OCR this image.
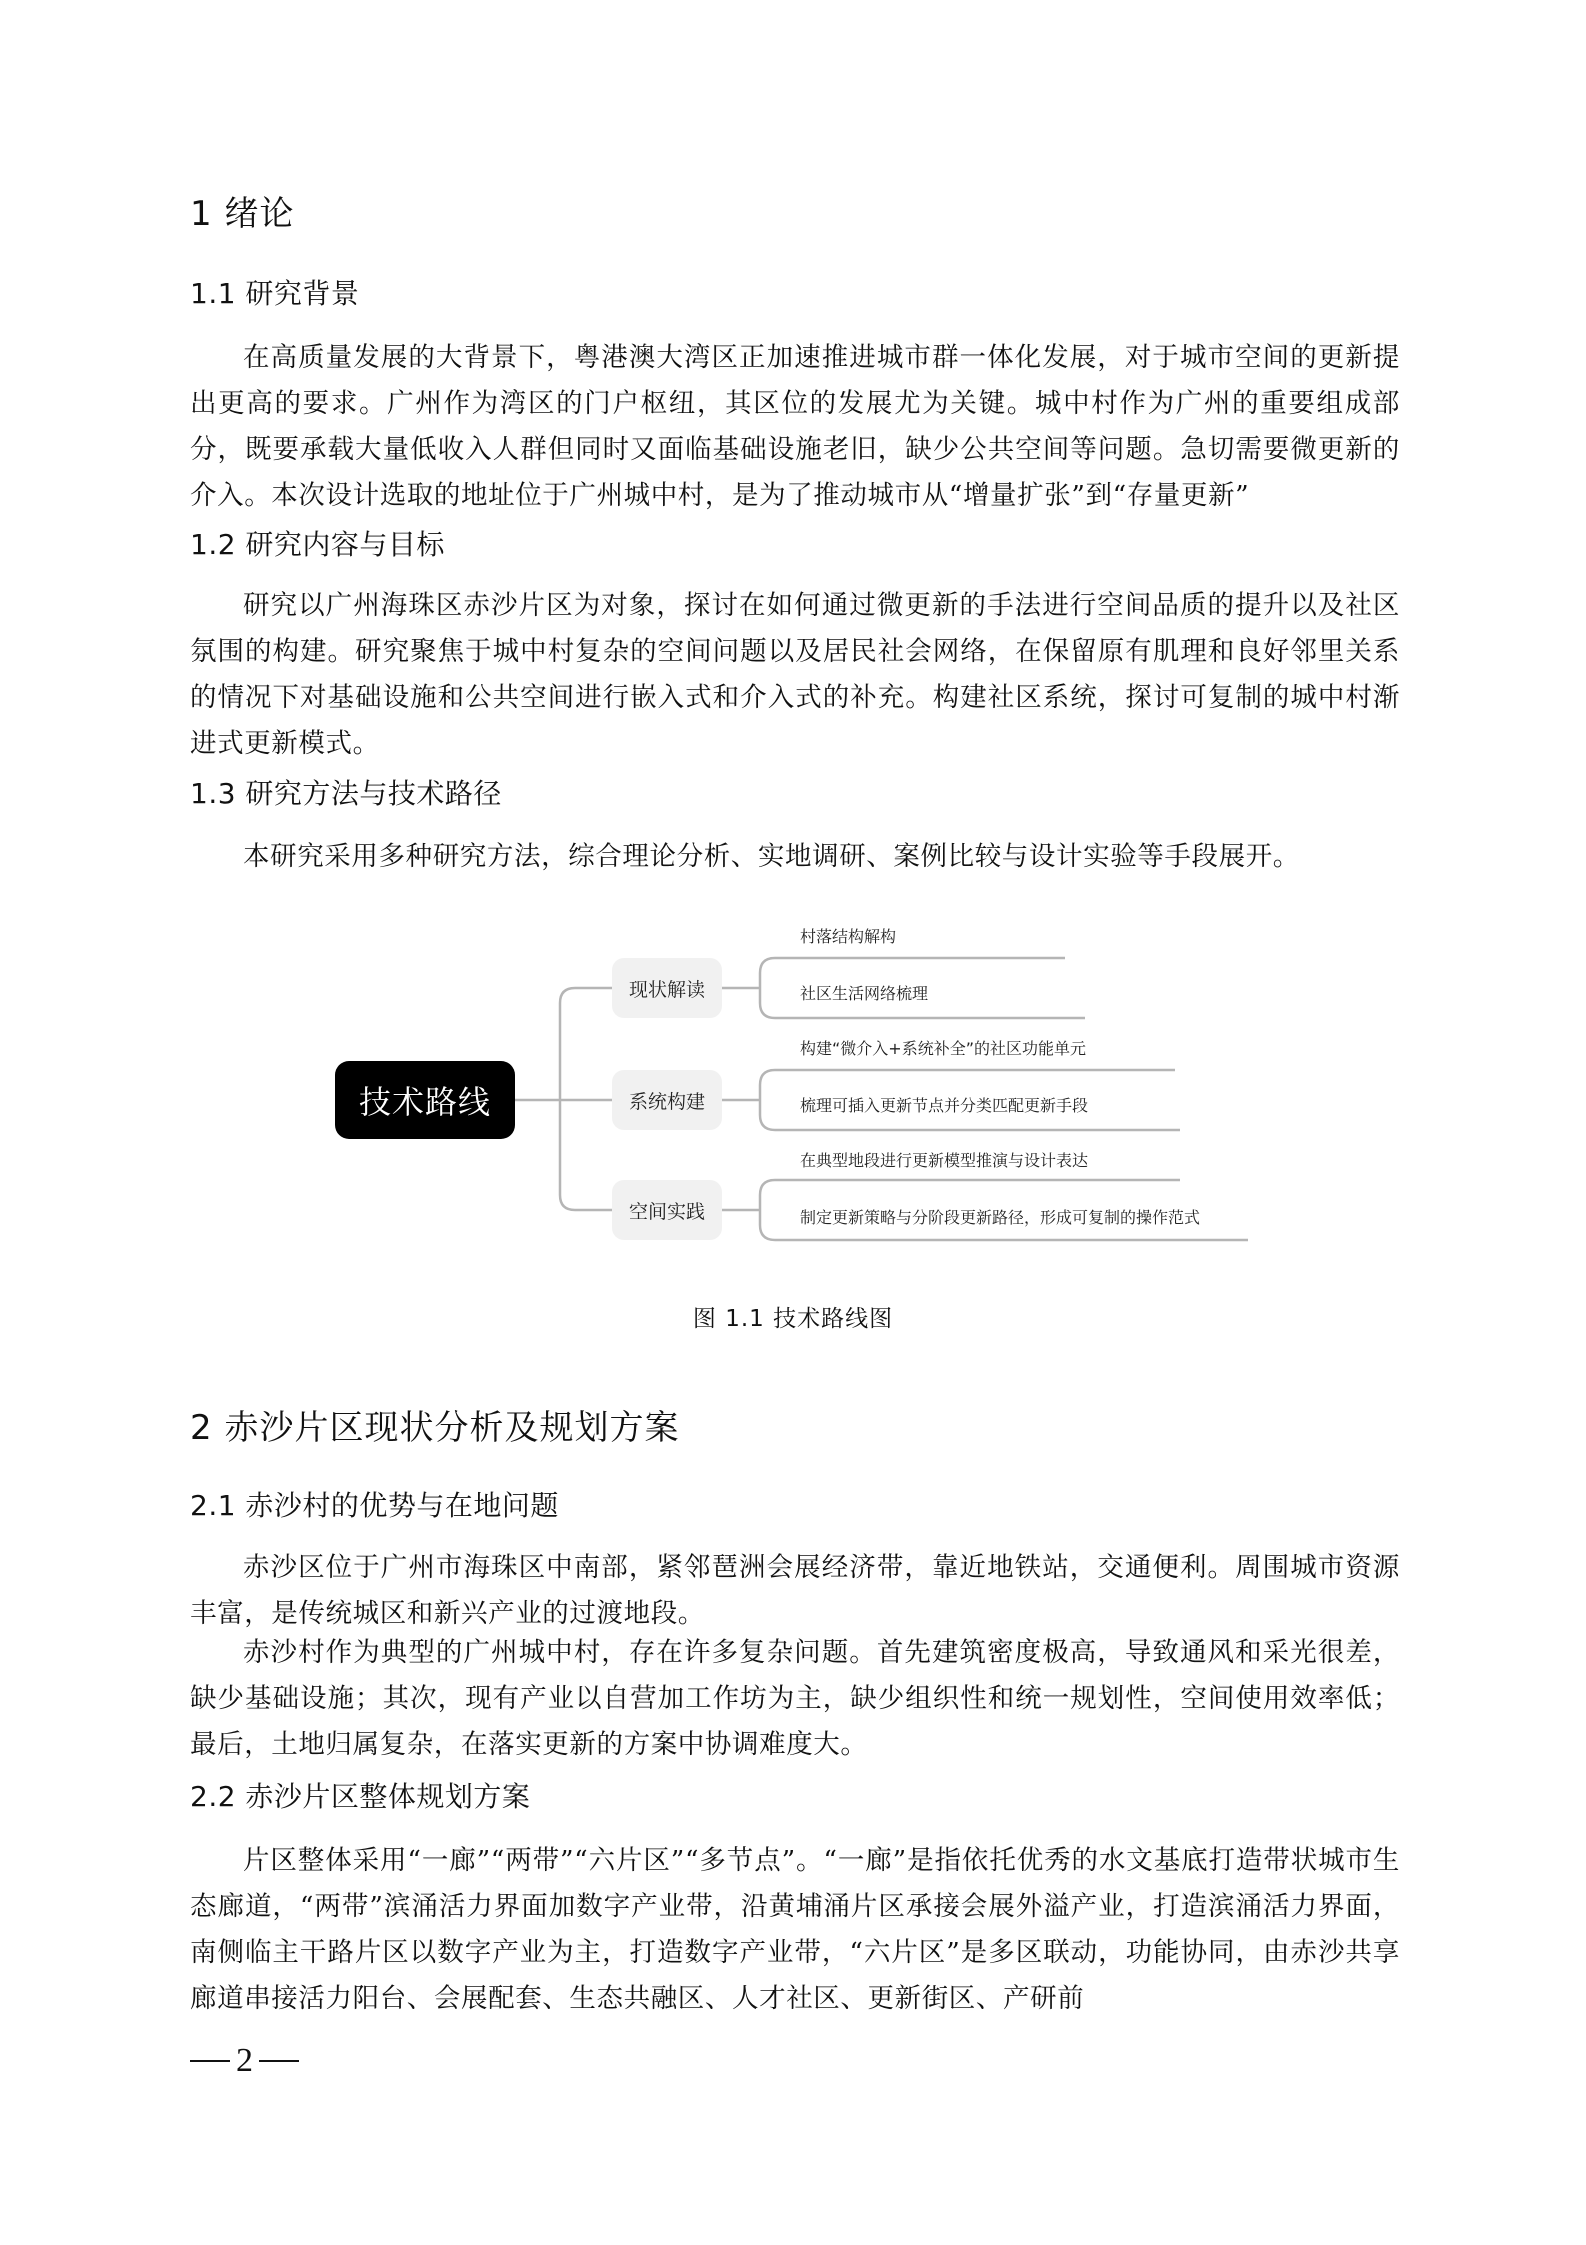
1 绪论
1.1 研究背景

在高质量发展的大背景下，粤港澳大湾区正加速推进城市群一体化发展，对于城市空间的更新提出更高的要求。广州作为湾区的门户枢纽，其区位的发展尤为关键。城中村作为广州的重要组成部分，既要承载大量低收入人群但同时又面临基础设施老旧，缺少公共空间等问题。急切需要微更新的介入。本次设计选取的地址位于广州城中村，是为了推动城市从“增量扩张”到“存量更新”

1.2 研究内容与目标

研究以广州海珠区赤沙片区为对象，探讨在如何通过微更新的手法进行空间品质的提升以及社区氛围的构建。研究聚焦于城中村复杂的空间问题以及居民社会网络，在保留原有肌理和良好邻里关系的情况下对基础设施和公共空间进行嵌入式和介入式的补充。构建社区系统，探讨可复制的城中村渐进式更新模式。

1.3 研究方法与技术路径

本研究采用多种研究方法，综合理论分析、实地调研、案例比较与设计实验等手段展开。

技术路线
现状解读
系统构建
空间实践
村落结构解构
社区生活网络梳理
构建“微介入+系统补全”的社区功能单元
梳理可插入更新节点并分类匹配更新手段
在典型地段进行更新模型推演与设计表达
制定更新策略与分阶段更新路径，形成可复制的操作范式
图 1.1 技术路线图
2 赤沙片区现状分析及规划方案
2.1 赤沙村的优势与在地问题

赤沙区位于广州市海珠区中南部，紧邻琶洲会展经济带，靠近地铁站，交通便利。周围城市资源丰富，是传统城区和新兴产业的过渡地段。

赤沙村作为典型的广州城中村，存在许多复杂问题。首先建筑密度极高，导致通风和采光很差，缺少基础设施；其次，现有产业以自营加工作坊为主，缺少组织性和统一规划性，空间使用效率低；最后，土地归属复杂，在落实更新的方案中协调难度大。

2.2 赤沙片区整体规划方案

片区整体采用“一廊”“两带”“六片区”“多节点”。“一廊”是指依托优秀的水文基底打造带状城市生态廊道，“两带”滨涌活力界面加数字产业带，沿黄埔涌片区承接会展外溢产业，打造滨涌活力界面，南侧临主干路片区以数字产业为主，打造数字产业带，“六片区”是多区联动，功能协同，由赤沙共享廊道串接活力阳台、会展配套、生态共融区、人才社区、更新街区、产研前

2
